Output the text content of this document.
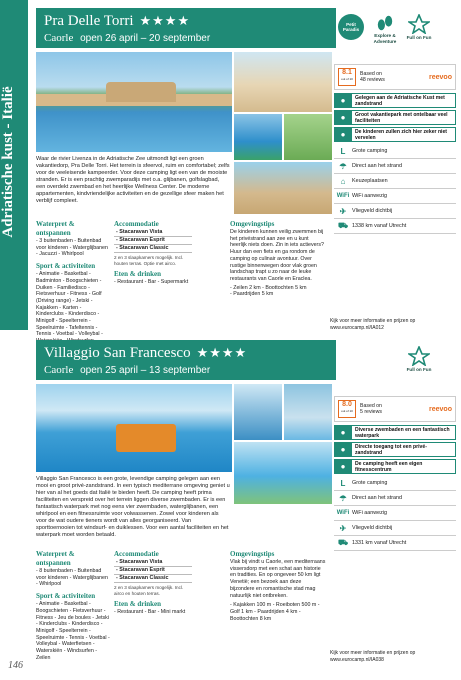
Adriatische kust - Italië
Pra Delle Torri ★★★★
Caorle open 26 april – 20 september
Petit Paradis
Explore & Adventure
Full on Fun
Waar de rivier Livenza in de Adriatische Zee uitmondt ligt een groen vakantiedorp, Pra Delle Torri. Het terrein is sfeervol, ruim en comfortabel; zelfs voor de veeleisende kampeerder. Voor deze camping ligt een van de mooiste stranden. Er is een prachtig zwemparadijs met o.a. glijbanen, golfslagbad, een overdekt zwembad en het heerlijke Wellness Center. De moderne appartementen, kindvriendelijke activiteiten en de gezellige sfeer maken het verblijf compleet.
Waterpret & ontspannen
- 3 buitenbaden - Buitenbad voor kinderen - Waterglijbanen - Jacuzzi - Whirlpool
Sport & activiteiten
- Animatie - Basketbal - Badminton - Boogschieten - Duiken - Familiedisco - Fietsverhuur - Fitness - Golf (Driving range) - Jetski - Kajakken - Karten - Kinderclubs - Kinderdisco - Minigolf - Speelterrein - Speelruimte - Tafeltennis - Tennis - Voetbal - Volleybal -
Accommodatie
- Stacaravan Vista
- Stacaravan Esprit
- Stacaravan Classic
2 en 3 slaapkamers mogelijk. Incl. houten terras. Optie met airco.
Eten & drinken
- Restaurant - Bar - Supermarkt
Omgevingstips
De kinderen kunnen veilig zwemmen bij het privéstrand aan zee en u kunt heerlijk niets doen. Zin in iets actievers? Huur dan een fiets en ga rondom de camping op culinair avontuur. Over rustige binnenwegen door vlak groen landschap trapt u zo naar de leuke restaurants van Caorle en Eraclea.
- Zeilen 2 km - Boottochten 5 km
- Paardrijden 5 km
8.1
out of 10
Based on
48 reviews	reevoo
●	Gelegen aan de Adriatische Kust met zandstrand
●	Groot vakantiepark met ontelbaar veel faciliteiten
●	De kinderen zullen zich hier zeker niet vervelen
L	Grote camping
☂	Direct aan het strand
⌂	Keuzeplaatsen
WiFi WiFi aanwezig
✈	Vliegveld dichtbij
⛟ 1338 km vanaf Utrecht
Kijk voor meer informatie en prijzen op www.eurocamp.nl/IA012
Villaggio San Francesco ★★★★
Caorle open 25 april – 13 september	Full on Fun
Villaggio San Francesco is een grote, levendige camping gelegen aan een mooi en groot privé-zandstrand. In een typisch mediterrane omgeving geniet u hier van al het goeds dat Italië te bieden heeft. De camping heeft prima faciliteiten en verspreid over het terrein liggen diverse zwembaden. Er is een fantastisch waterpark met nog eens vier zwembaden, waterglijbanen, een whirlpool en een fitnessruimte voor volwassenen. Zowel voor kinderen als voor de wat oudere tieners wordt van alles georganiseerd. Van sporttoernooien tot windsurf- en duiklessen. Voor een aantal faciliteiten en het waterpark moet worden betaald.
Waterpret & ontspannen
- 8 buitenbaden - Buitenbad voor kinderen - Waterglijbanen - Whirlpool
Sport & activiteiten
- Animatie - Basketbal - Boogschieten - Fietsverhuur - Fitness - Jeu de boules - Jetski - Kinderclubs - Kinderdisco - Minigolf - Speelterrein - Speelruimte - Tennis - Voetbal - Volleybal - Waterfietsen - Waterskiën - Windsurfen - Zeilen
Accommodatie
- Stacaravan Vista
- Stacaravan Esprit
- Stacaravan Classic
2 en 3 slaapkamers mogelijk. Incl. airco en houten terras.
Eten & drinken
- Restaurant - Bar - Mini markt
Omgevingstips
Vlak bij vindt u Caorle, een mediterraans vissersdorp met een schat aan historie en tradities. En op ongeveer 50 km ligt Venetië; een bezoek aan deze bijzondere en romantische stad mag natuurlijk niet ontbreken.
- Kajakken 100 m - Roeiboten 500 m - Golf 1 km - Paardrijden 4 km - Boottochten 8 km
8.0
out of 10
Based on
5 reviews	reevoo
●	Diverse zwembaden en een fantastisch waterpark
●	Directe toegang tot een privé-zandstrand
●	De camping heeft een eigen fitnesscentrum
L	Grote camping
☂	Direct aan het strand
WiFi WiFi aanwezig
✈	Vliegveld dichtbij
⛟ 1331 km vanaf Utrecht
Kijk voor meer informatie en prijzen op www.eurocamp.nl/IA038
146
